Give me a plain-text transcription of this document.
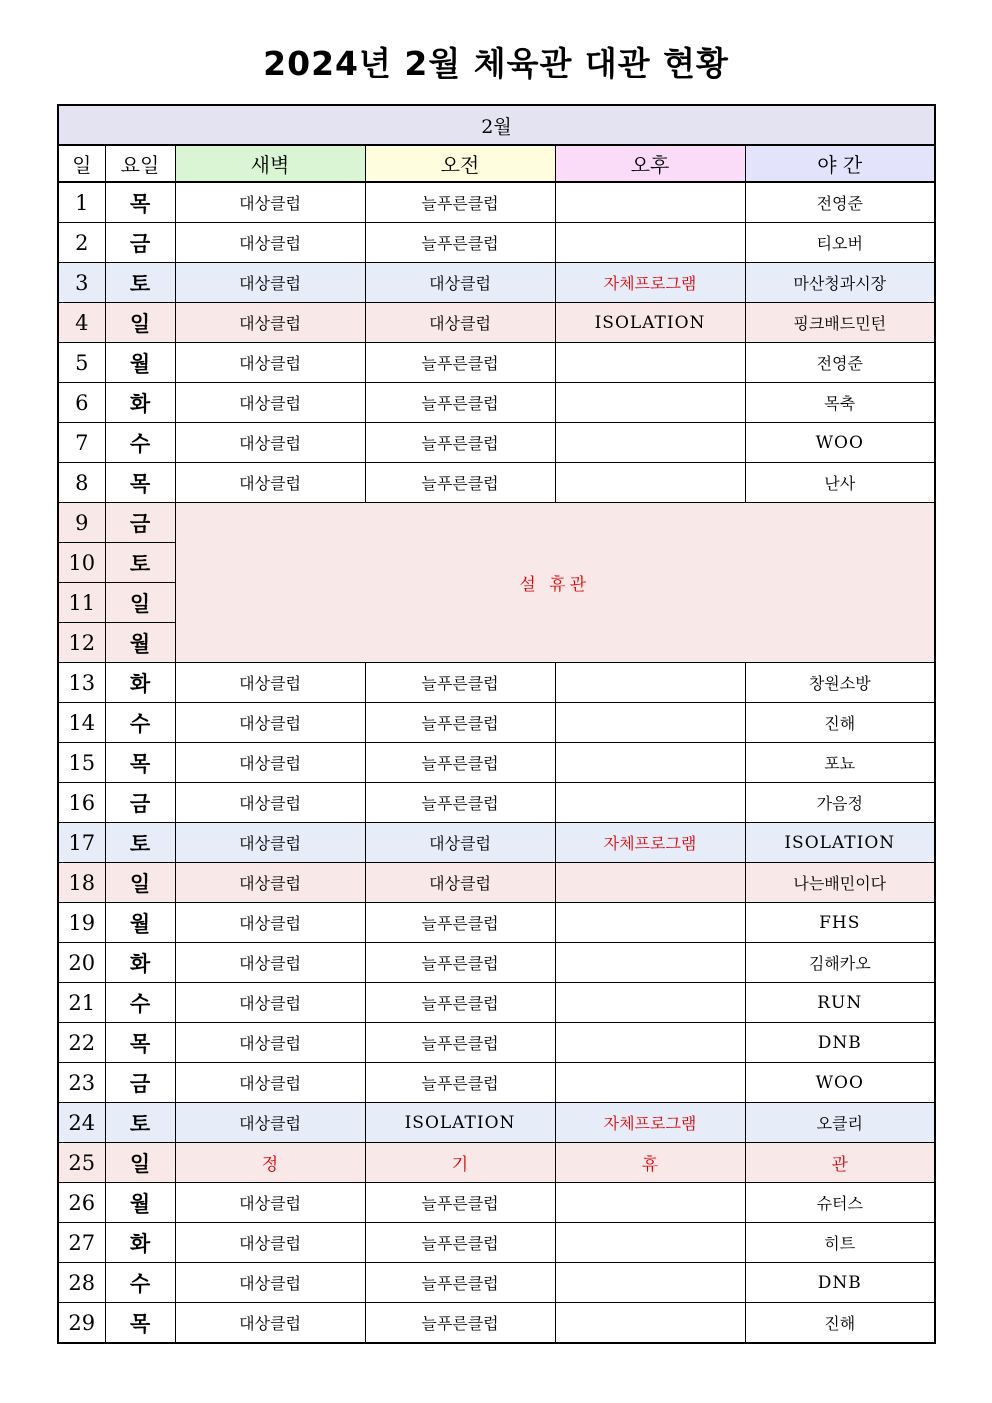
2024년 2월 체육관 대관 현황
2월					
일	요일	새벽	오전	오후	야 간
1	목	대상클럽	늘푸른클럽		전영준
2	금	대상클럽	늘푸른클럽		티오버
3	토	대상클럽	대상클럽	자체프로그램	마산청과시장
4	일	대상클럽	대상클럽	ISOLATION	핑크배드민턴
5	월	대상클럽	늘푸른클럽		전영준
6	화	대상클럽	늘푸른클럽		목축
7	수	대상클럽	늘푸른클럽		WOO
8	목	대상클럽	늘푸른클럽		난사
9	금	설 휴관			
10	토				
11	일				
12	월				
13	화	대상클럽	늘푸른클럽		창원소방
14	수	대상클럽	늘푸른클럽		진해
15	목	대상클럽	늘푸른클럽		포뇨
16	금	대상클럽	늘푸른클럽		가음정
17	토	대상클럽	대상클럽	자체프로그램	ISOLATION
18	일	대상클럽	대상클럽		나는배민이다
19	월	대상클럽	늘푸른클럽		FHS
20	화	대상클럽	늘푸른클럽		김해카오
21	수	대상클럽	늘푸른클럽		RUN
22	목	대상클럽	늘푸른클럽		DNB
23	금	대상클럽	늘푸른클럽		WOO
24	토	대상클럽	ISOLATION	자체프로그램	오클리
25	일	정	기	휴	관
26	월	대상클럽	늘푸른클럽		슈터스
27	화	대상클럽	늘푸른클럽		히트
28	수	대상클럽	늘푸른클럽		DNB
29	목	대상클럽	늘푸른클럽		진해
